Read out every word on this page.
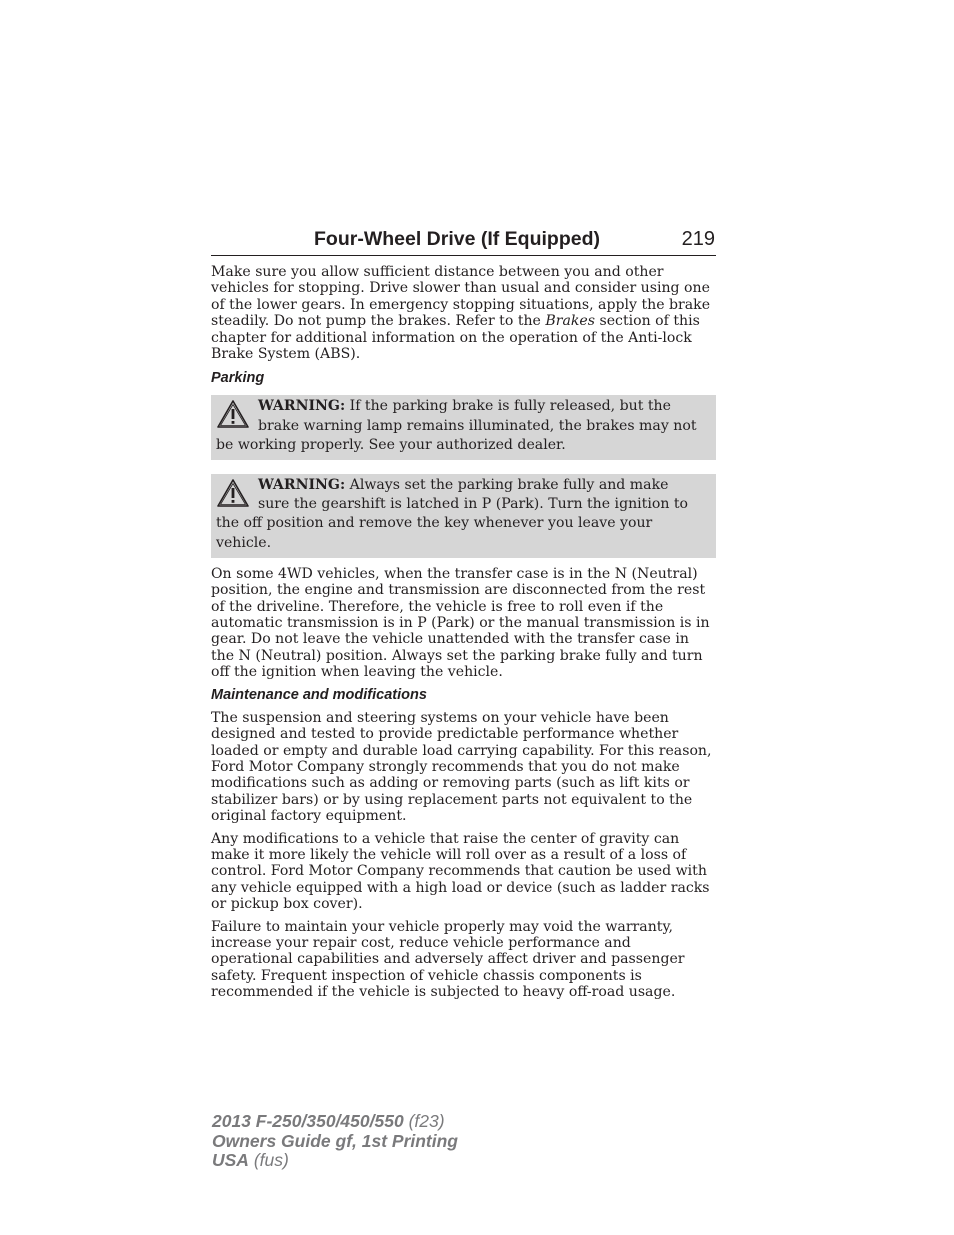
Four-Wheel Drive (If Equipped)	219

Make sure you allow sufficient distance between you and other vehicles for stopping. Drive slower than usual and consider using one of the lower gears. In emergency stopping situations, apply the brake steadily. Do not pump the brakes. Refer to the Brakes section of this chapter for additional information on the operation of the Anti-lock Brake System (ABS).

Parking
WARNING: If the parking brake is fully released, but the brake warning lamp remains illuminated, the brakes may not be working properly. See your authorized dealer.
WARNING: Always set the parking brake fully and make sure the gearshift is latched in P (Park). Turn the ignition to the off position and remove the key whenever you leave your vehicle.

On some 4WD vehicles, when the transfer case is in the N (Neutral) position, the engine and transmission are disconnected from the rest of the driveline. Therefore, the vehicle is free to roll even if the automatic transmission is in P (Park) or the manual transmission is in gear. Do not leave the vehicle unattended with the transfer case in the N (Neutral) position. Always set the parking brake fully and turn off the ignition when leaving the vehicle.

Maintenance and modifications

The suspension and steering systems on your vehicle have been designed and tested to provide predictable performance whether loaded or empty and durable load carrying capability. For this reason, Ford Motor Company strongly recommends that you do not make modifications such as adding or removing parts (such as lift kits or stabilizer bars) or by using replacement parts not equivalent to the original factory equipment.

Any modifications to a vehicle that raise the center of gravity can make it more likely the vehicle will roll over as a result of a loss of control. Ford Motor Company recommends that caution be used with any vehicle equipped with a high load or device (such as ladder racks or pickup box cover).

Failure to maintain your vehicle properly may void the warranty, increase your repair cost, reduce vehicle performance and operational capabilities and adversely affect driver and passenger safety. Frequent inspection of vehicle chassis components is recommended if the vehicle is subjected to heavy off-road usage.

2013 F-250/350/450/550 (f23)
Owners Guide gf, 1st Printing
USA (fus)
